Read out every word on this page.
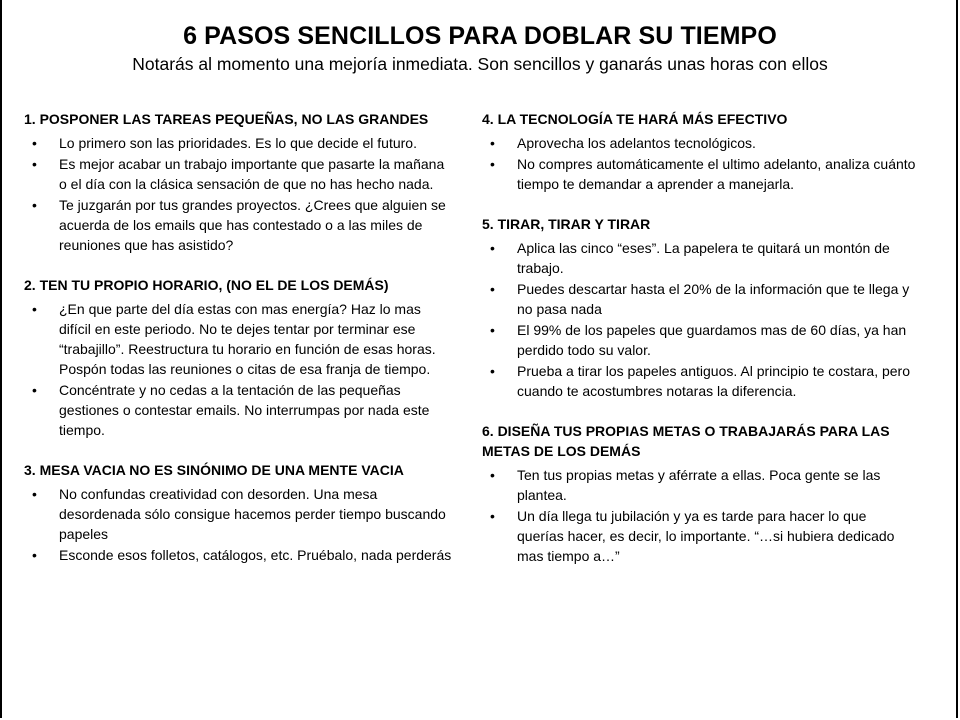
6 PASOS SENCILLOS PARA DOBLAR SU TIEMPO
Notarás al momento una mejoría inmediata. Son sencillos y ganarás unas horas con ellos
1. POSPONER LAS TAREAS PEQUEÑAS, NO LAS GRANDES
• Lo primero son las prioridades. Es lo que decide el futuro.
• Es mejor acabar un trabajo importante que pasarte la mañana o el día con la clásica sensación de que no has hecho nada.
• Te juzgarán por tus grandes proyectos. ¿Crees que alguien se acuerda de los emails que has contestado o a las miles de reuniones que has asistido?
2. TEN TU PROPIO HORARIO, (NO EL DE LOS DEMÁS)
• ¿En que parte del día estas con mas energía? Haz lo mas difícil en este periodo. No te dejes tentar por terminar ese “trabajillo”. Reestructura tu horario en función de esas horas. Pospón todas las reuniones o citas de esa franja de tiempo.
• Concéntrate y no cedas a la tentación de las pequeñas gestiones o contestar emails. No interrumpas por nada este tiempo.
3. MESA VACIA NO ES SINÓNIMO DE UNA MENTE VACIA
• No confundas creatividad con desorden. Una mesa desordenada sólo consigue hacemos perder tiempo buscando papeles
• Esconde esos folletos, catálogos, etc. Pruébalo, nada perderás
4. LA TECNOLOGÍA TE HARÁ MÁS EFECTIVO
• Aprovecha los adelantos tecnológicos.
• No compres automáticamente el ultimo adelanto, analiza cuánto tiempo te demandar a aprender a manejarla.
5. TIRAR, TIRAR Y TIRAR
• Aplica las cinco “eses”. La papelera te quitará un montón de trabajo.
• Puedes descartar hasta el 20% de la información que te llega y no pasa nada
• El 99% de los papeles que guardamos mas de 60 días, ya han perdido todo su valor.
• Prueba a tirar los papeles antiguos. Al principio te costara, pero cuando te acostumbres notaras la diferencia.
6. DISEÑA TUS PROPIAS METAS O TRABAJARÁS PARA LAS METAS DE LOS DEMÁS
• Ten tus propias metas y aférrate a ellas. Poca gente se las plantea.
• Un día llega tu jubilación y ya es tarde para hacer lo que querías hacer, es decir, lo importante. “…si hubiera dedicado mas tiempo a…”
